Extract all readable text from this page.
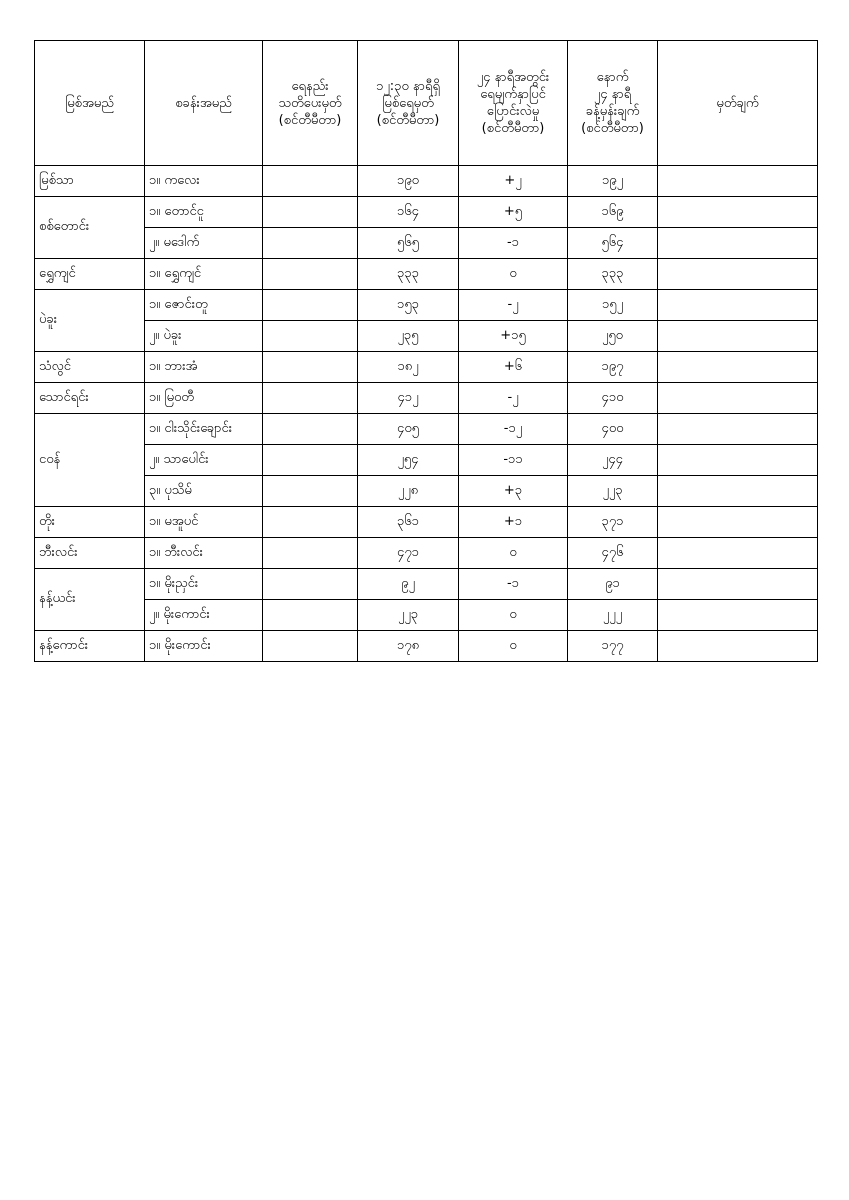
မြစ်အမည်	စခန်းအမည်	ရေနည်း
သတိပေးမှတ်
(စင်တီမီတာ)	၁၂:၃၀ နာရီရှိ
မြစ်ရေမှတ်
(စင်တီမီတာ)	၂၄ နာရီအတွင်း
ရေမျက်နှာပြင်
ပြောင်းလဲမှု
(စင်တီမီတာ)	နောက်
၂၄ နာရီ
ခန့်မှန်းချက်
(စင်တီမီတာ)	မှတ်ချက်
မြစ်သာ	၁။ ကလေး		၁၉၀	+၂	၁၉၂	
စစ်တောင်း	၁။ တောင်ငူ		၁၆၄	+၅	၁၆၉	
	၂။ မဒေါက်		၅၆၅	-၁	၅၆၄	
ရွှေကျင်	၁။ ရွှေကျင်		၃၃၃	၀	၃၃၃	
ပဲခူး	၁။ ဇောင်းတူ		၁၅၃	-၂	၁၅၂	
	၂။ ပဲခူး		၂၃၅	+၁၅	၂၅၀	
သံလွင်	၁။ ဘားအံ		၁၈၂	+၆	၁၉၇	
သောင်ရင်း	၁။ မြဝတီ		၄၁၂	-၂	၄၁၀	
ငဝန်	၁။ ငါးသိုင်းချောင်း		၄၀၅	-၁၂	၄၀၀	
	၂။ သာပေါင်း		၂၅၄	-၁၁	၂၄၄	
	၃။ ပုသိမ်		၂၂၈	+၃	၂၂၃	
တိုး	၁။ မအူပင်		၃၆၁	+၁	၃၇၁	
ဘီးလင်း	၁။ ဘီးလင်း		၄၇၁	၀	၄၇၆	
နန့်ယင်း	၁။ မိုးညှင်း		၉၂	-၁	၉၁	
	၂။ မိုးကောင်း		၂၂၃	၀	၂၂၂	
နန့်ကောင်း	၁။ မိုးကောင်း		၁၇၈	၀	၁၇၇	
